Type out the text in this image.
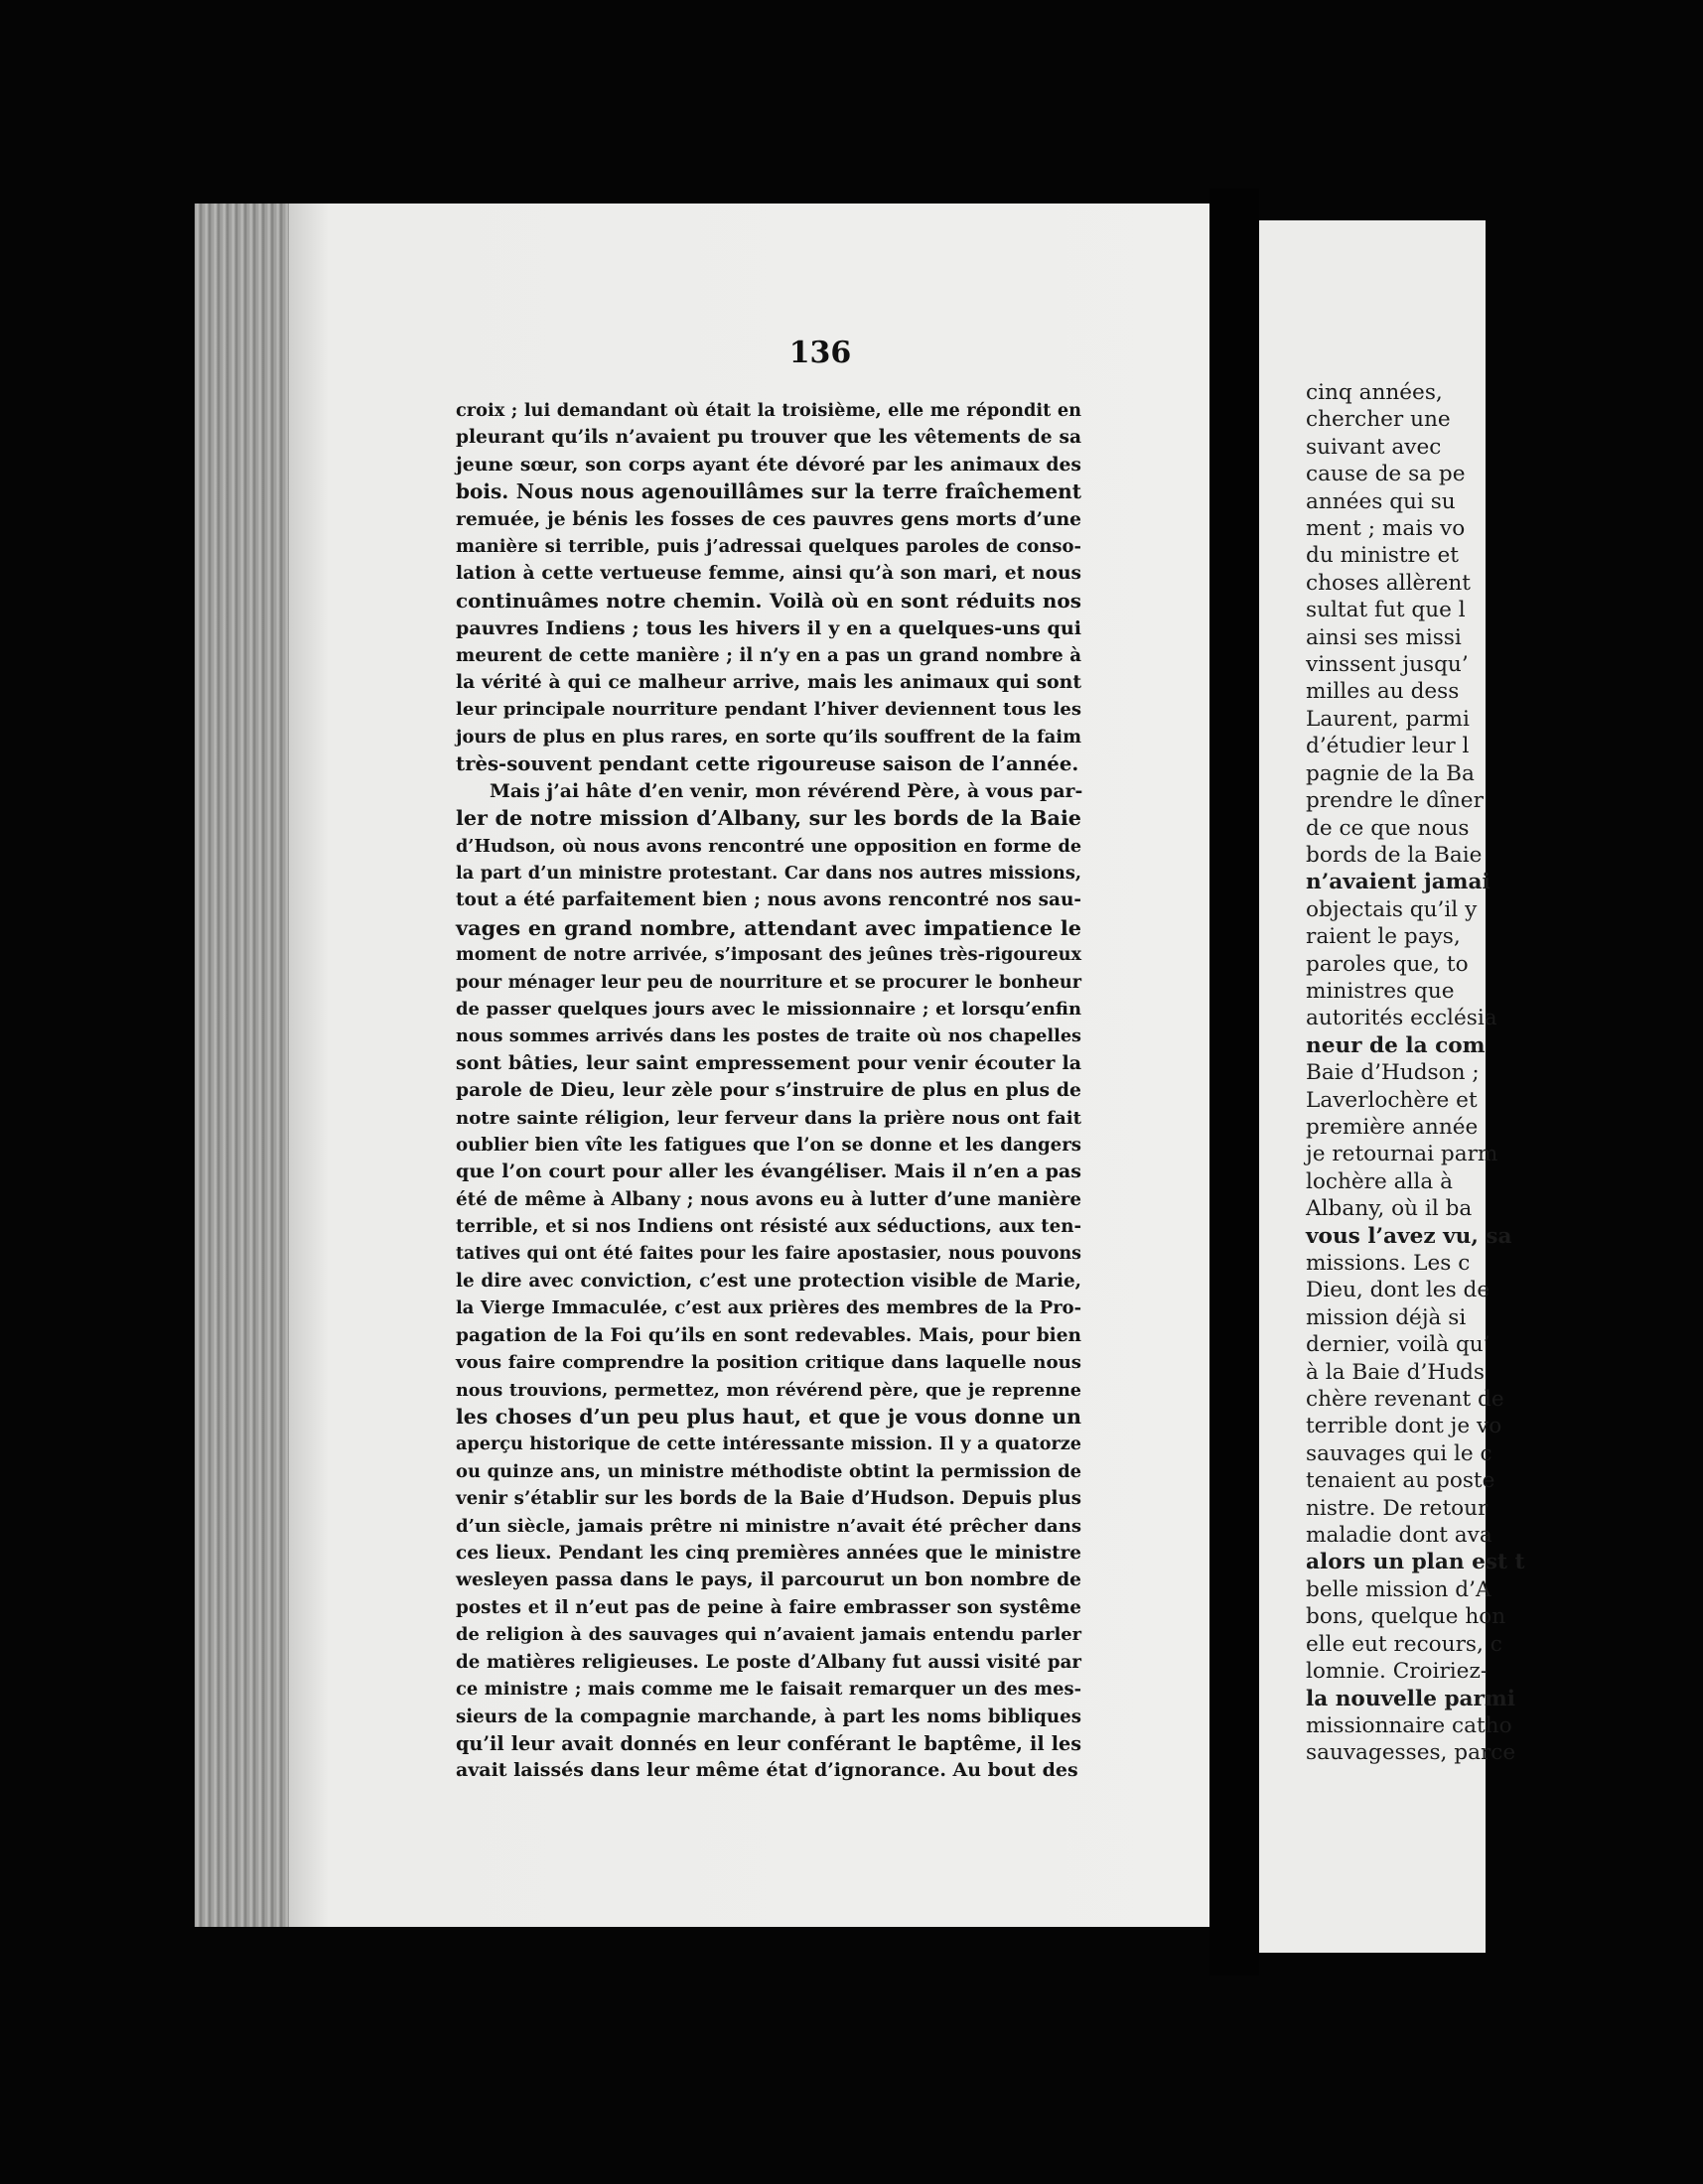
136
croix ; lui demandant où était la troisième, elle me répondit en
pleurant qu’ils n’avaient pu trouver que les vêtements de sa
jeune sœur, son corps ayant éte dévoré par les animaux des
bois. Nous nous agenouillâmes sur la terre fraîchement
remuée, je bénis les fosses de ces pauvres gens morts d’une
manière si terrible, puis j’adressai quelques paroles de conso-
lation à cette vertueuse femme, ainsi qu’à son mari, et nous
continuâmes notre chemin. Voilà où en sont réduits nos
pauvres Indiens ; tous les hivers il y en a quelques-uns qui
meurent de cette manière ; il n’y en a pas un grand nombre à
la vérité à qui ce malheur arrive, mais les animaux qui sont
leur principale nourriture pendant l’hiver deviennent tous les
jours de plus en plus rares, en sorte qu’ils souffrent de la faim
très-souvent pendant cette rigoureuse saison de l’année.
Mais j’ai hâte d’en venir, mon révérend Père, à vous par-
ler de notre mission d’Albany, sur les bords de la Baie
d’Hudson, où nous avons rencontré une opposition en forme de
la part d’un ministre protestant. Car dans nos autres missions,
tout a été parfaitement bien ; nous avons rencontré nos sau-
vages en grand nombre, attendant avec impatience le
moment de notre arrivée, s’imposant des jeûnes très-rigoureux
pour ménager leur peu de nourriture et se procurer le bonheur
de passer quelques jours avec le missionnaire ; et lorsqu’enfin
nous sommes arrivés dans les postes de traite où nos chapelles
sont bâties, leur saint empressement pour venir écouter la
parole de Dieu, leur zèle pour s’instruire de plus en plus de
notre sainte réligion, leur ferveur dans la prière nous ont fait
oublier bien vîte les fatigues que l’on se donne et les dangers
que l’on court pour aller les évangéliser. Mais il n’en a pas
été de même à Albany ; nous avons eu à lutter d’une manière
terrible, et si nos Indiens ont résisté aux séductions, aux ten-
tatives qui ont été faites pour les faire apostasier, nous pouvons
le dire avec conviction, c’est une protection visible de Marie,
la Vierge Immaculée, c’est aux prières des membres de la Pro-
pagation de la Foi qu’ils en sont redevables. Mais, pour bien
vous faire comprendre la position critique dans laquelle nous
nous trouvions, permettez, mon révérend père, que je reprenne
les choses d’un peu plus haut, et que je vous donne un
aperçu historique de cette intéressante mission. Il y a quatorze
ou quinze ans, un ministre méthodiste obtint la permission de
venir s’établir sur les bords de la Baie d’Hudson. Depuis plus
d’un siècle, jamais prêtre ni ministre n’avait été prêcher dans
ces lieux. Pendant les cinq premières années que le ministre
wesleyen passa dans le pays, il parcourut un bon nombre de
postes et il n’eut pas de peine à faire embrasser son systême
de religion à des sauvages qui n’avaient jamais entendu parler
de matières religieuses. Le poste d’Albany fut aussi visité par
ce ministre ; mais comme me le faisait remarquer un des mes-
sieurs de la compagnie marchande, à part les noms bibliques
qu’il leur avait donnés en leur conférant le baptême, il les
avait laissés dans leur même état d’ignorance. Au bout des
cinq années,
chercher une
suivant avec
cause de sa pe
années qui su
ment ; mais vo
du ministre et
choses allèrent
sultat fut que l
ainsi ses missi
vinssent jusqu’
milles au dess
Laurent, parmi
d’étudier leur l
pagnie de la Ba
prendre le dîner
de ce que nous
bords de la Baie
n’avaient jamai
objectais qu’il y
raient le pays,
paroles que, to
ministres que
autorités ecclésia
neur de la com
Baie d’Hudson ;
Laverlochère et
première année
je retournai parm
lochère alla à
Albany, où il ba
vous l’avez vu, sa
missions. Les c
Dieu, dont les de
mission déjà si
dernier, voilà qu’
à la Baie d’Huds
chère revenant de
terrible dont je vo
sauvages qui le c
tenaient au poste
nistre. De retour
maladie dont ava
alors un plan est t
belle mission d’A
bons, quelque hon
elle eut recours, c
lomnie. Croiriez-
la nouvelle parmi
missionnaire catho
sauvagesses, parce
